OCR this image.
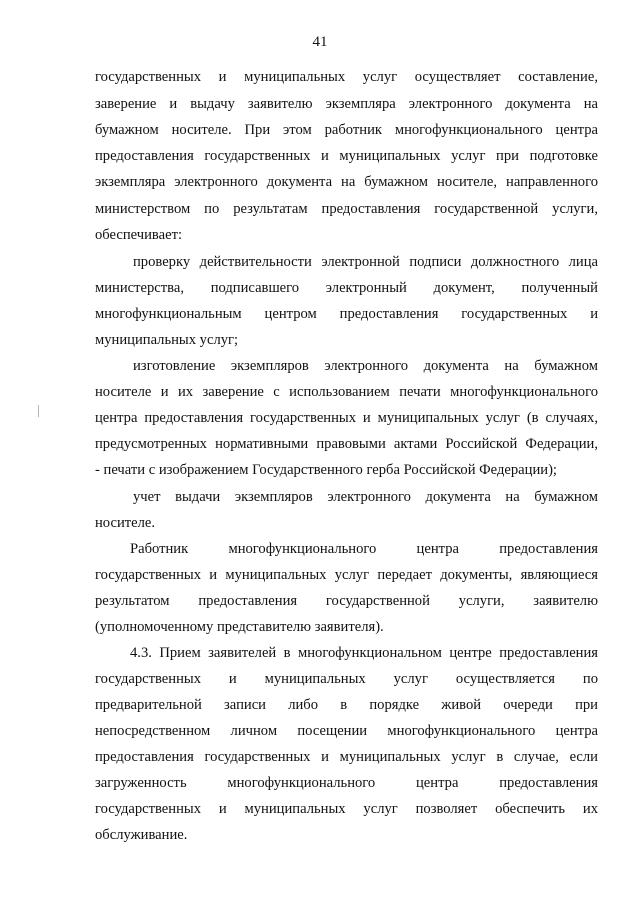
41
государственных и муниципальных услуг осуществляет составление,
заверение и выдачу заявителю экземпляра электронного документа на
бумажном носителе. При этом работник многофункционального центра
предоставления государственных и муниципальных услуг при подготовке
экземпляра электронного документа на бумажном носителе, направленного
министерством по результатам предоставления государственной услуги,
обеспечивает:
проверку действительности электронной подписи должностного лица
министерства, подписавшего электронный документ, полученный
многофункциональным центром предоставления государственных и
муниципальных услуг;
изготовление экземпляров электронного документа на бумажном
носителе и их заверение с использованием печати многофункционального
центра предоставления государственных и муниципальных услуг (в случаях,
предусмотренных нормативными правовыми актами Российской Федерации,
- печати с изображением Государственного герба Российской Федерации);
учет выдачи экземпляров электронного документа на бумажном
носителе.
Работник многофункционального центра предоставления
государственных и муниципальных услуг передает документы, являющиеся
результатом предоставления государственной услуги, заявителю
(уполномоченному представителю заявителя).
4.3. Прием заявителей в многофункциональном центре предоставления
государственных и муниципальных услуг осуществляется по
предварительной записи либо в порядке живой очереди при
непосредственном личном посещении многофункционального центра
предоставления государственных и муниципальных услуг в случае, если
загруженность многофункционального центра предоставления
государственных и муниципальных услуг позволяет обеспечить их
обслуживание.
